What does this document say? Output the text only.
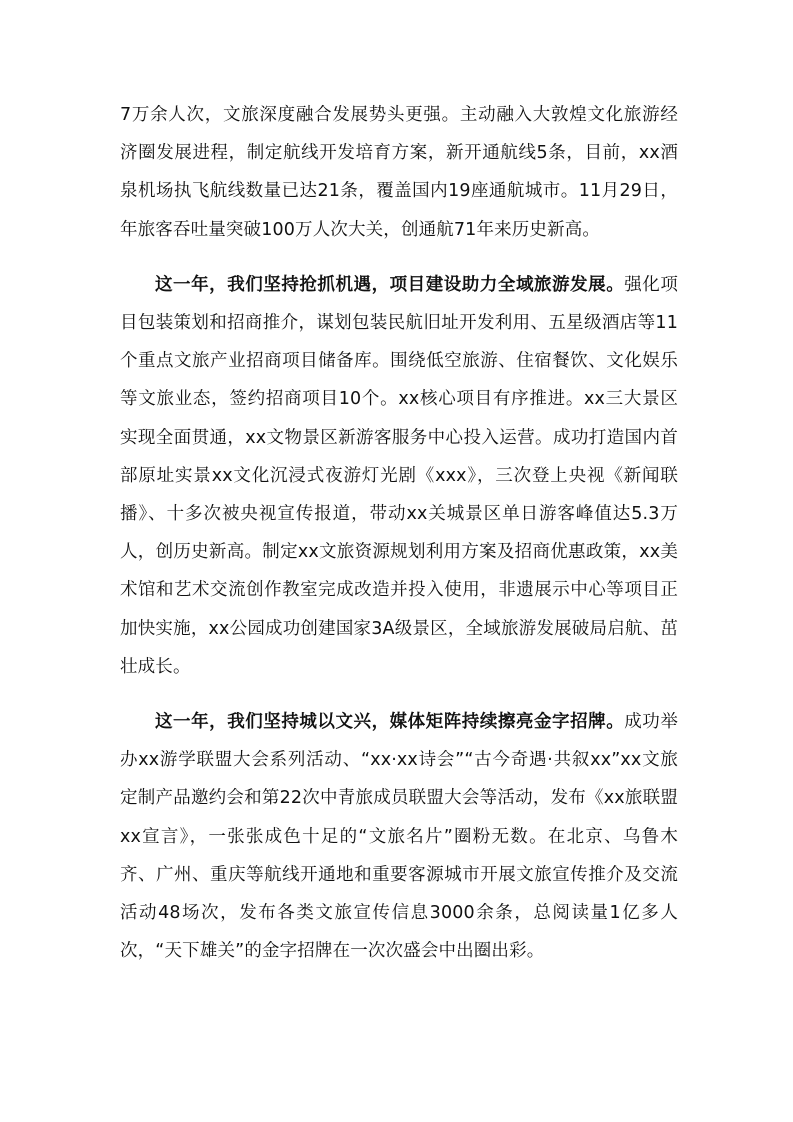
7万余人次，文旅深度融合发展势头更强。主动融入大敦煌文化旅游经济圈发展进程，制定航线开发培育方案，新开通航线5条，目前，xx酒泉机场执飞航线数量已达21条，覆盖国内19座通航城市。11月29日，年旅客吞吐量突破100万人次大关，创通航71年来历史新高。

这一年，我们坚持抢抓机遇，项目建设助力全域旅游发展。强化项目包装策划和招商推介，谋划包装民航旧址开发利用、五星级酒店等11个重点文旅产业招商项目储备库。围绕低空旅游、住宿餐饮、文化娱乐等文旅业态，签约招商项目10个。xx核心项目有序推进。xx三大景区实现全面贯通，xx文物景区新游客服务中心投入运营。成功打造国内首部原址实景xx文化沉浸式夜游灯光剧《xxx》，三次登上央视《新闻联播》、十多次被央视宣传报道，带动xx关城景区单日游客峰值达5.3万人，创历史新高。制定xx文旅资源规划利用方案及招商优惠政策，xx美术馆和艺术交流创作教室完成改造并投入使用，非遗展示中心等项目正加快实施，xx公园成功创建国家3A级景区，全域旅游发展破局启航、茁壮成长。

这一年，我们坚持城以文兴，媒体矩阵持续擦亮金字招牌。成功举办xx游学联盟大会系列活动、“xx·xx诗会”“古今奇遇·共叙xx”xx文旅定制产品邀约会和第22次中青旅成员联盟大会等活动，发布《xx旅联盟xx宣言》，一张张成色十足的“文旅名片”圈粉无数。在北京、乌鲁木齐、广州、重庆等航线开通地和重要客源城市开展文旅宣传推介及交流活动48场次，发布各类文旅宣传信息3000余条，总阅读量1亿多人次，“天下雄关”的金字招牌在一次次盛会中出圈出彩。
